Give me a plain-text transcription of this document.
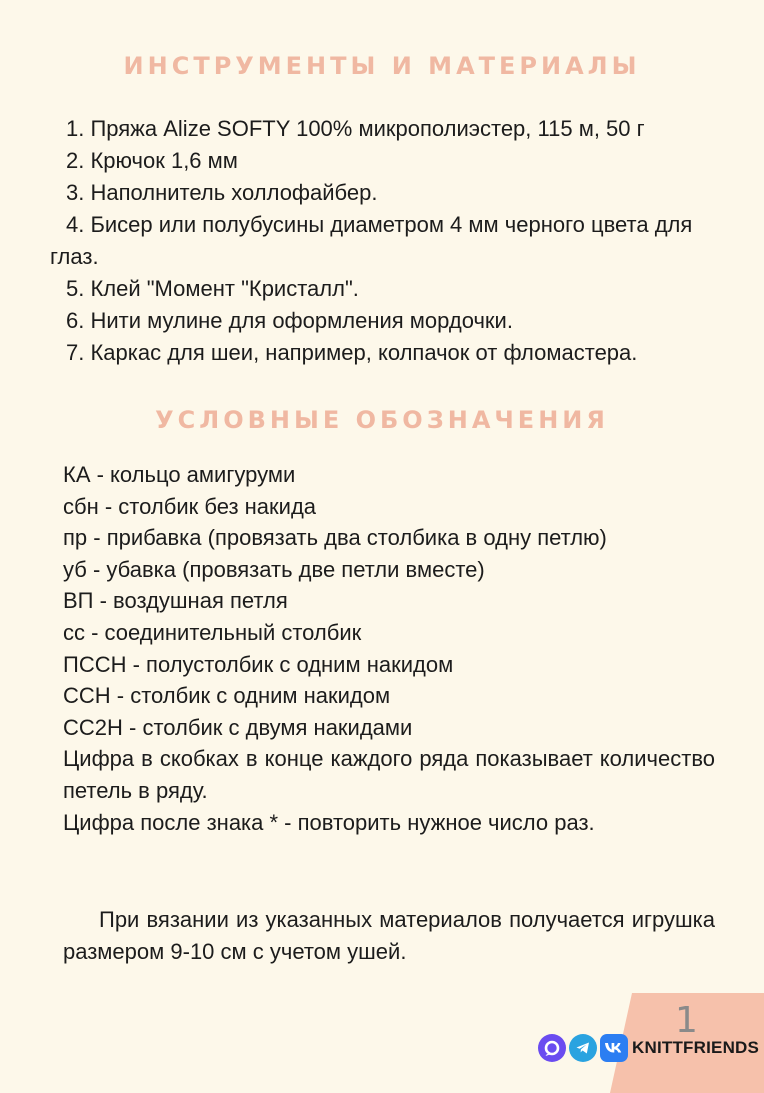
ИНСТРУМЕНТЫ И МАТЕРИАЛЫ
1. Пряжа Alize SOFTY 100% микрополиэстер, 115 м, 50 г
2. Крючок 1,6 мм
3. Наполнитель холлофайбер.
4. Бисер или полубусины диаметром 4 мм черного цвета для глаз.
5. Клей "Момент "Кристалл".
6. Нити мулине для оформления мордочки.
7. Каркас для шеи, например, колпачок от фломастера.
УСЛОВНЫЕ ОБОЗНАЧЕНИЯ
КА - кольцо амигуруми
сбн - столбик без накида
пр - прибавка (провязать два столбика в одну петлю)
уб - убавка (провязать две петли вместе)
ВП - воздушная петля
сс - соединительный столбик
ПССН - полустолбик с одним накидом
ССН - столбик с одним накидом
СС2Н - столбик с двумя накидами
Цифра в скобках в конце каждого ряда показывает количество петель в ряду.
Цифра после знака * - повторить нужное число раз.
При вязании из указанных материалов получается игрушка размером 9-10 см с учетом ушей.
1
KNITTFRIENDS
